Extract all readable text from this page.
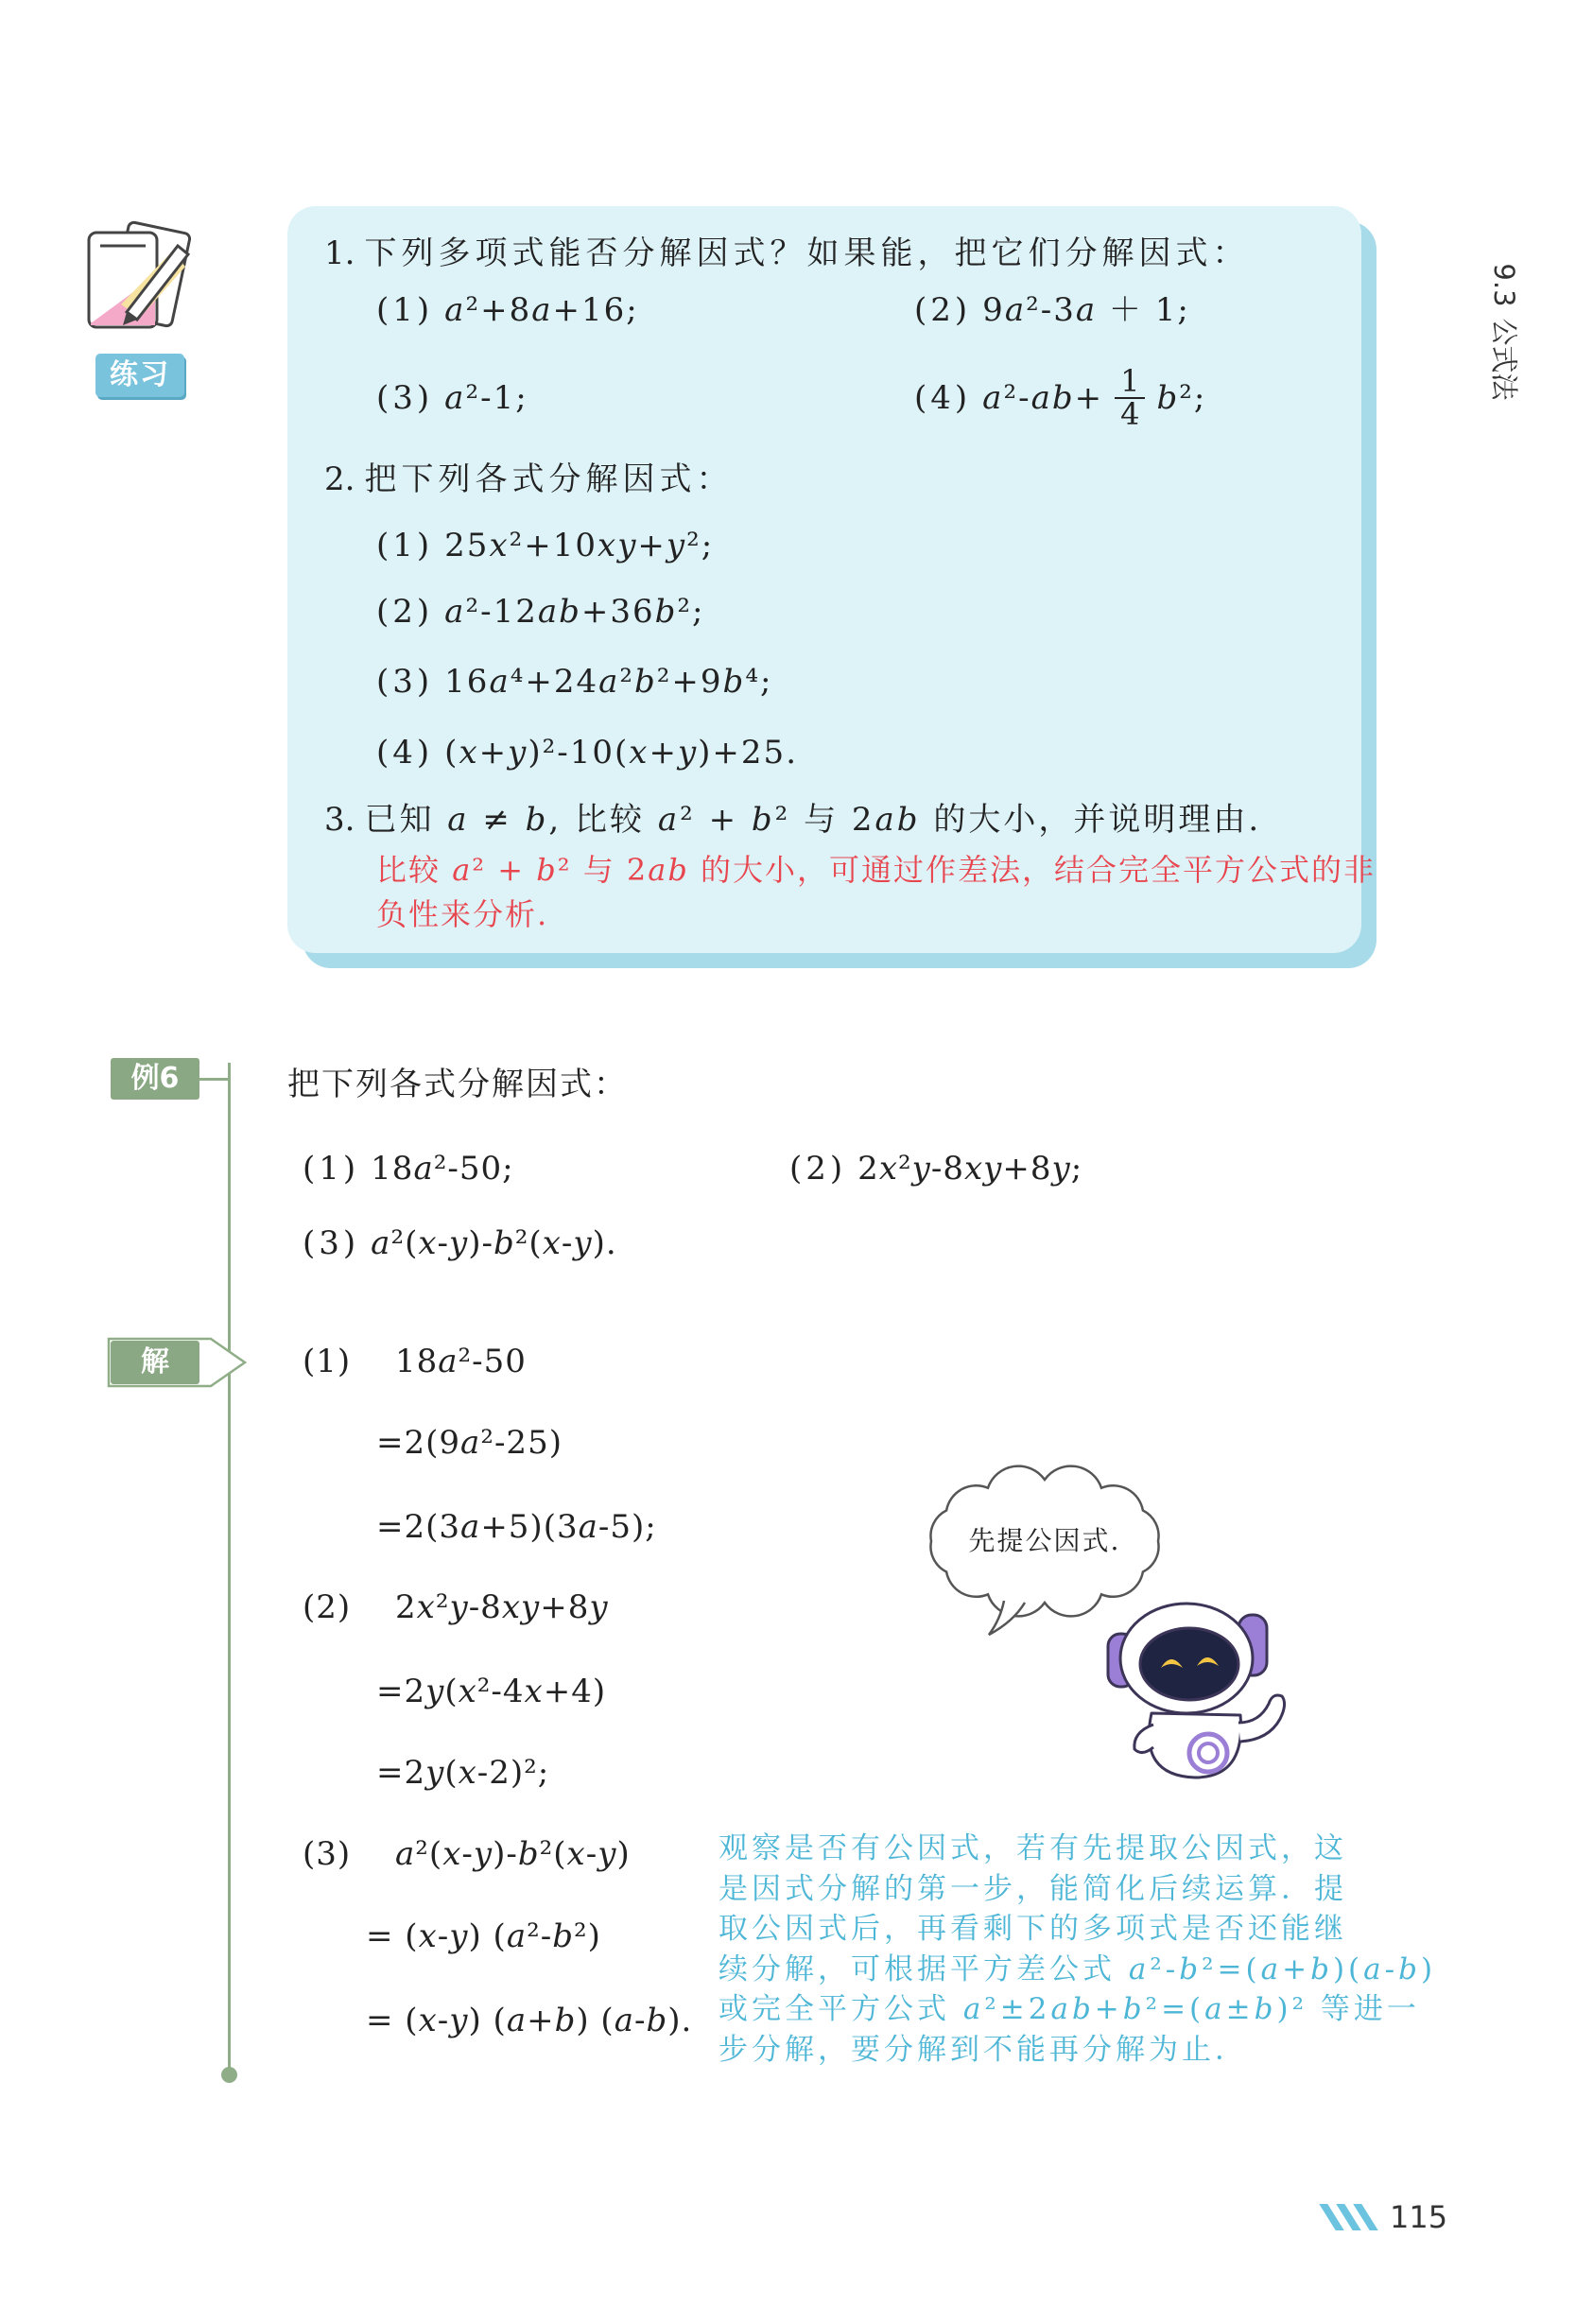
9.3公式法
练习
1. 下列多项式能否分解因式？如果能，把它们分解因式：
(1) a²+8a+16;	(2) 9a²-3a ＋ 1;
(3) a²-1;	(4) $a^2-ab+ \frac{1}{4} b^2$;
2. 把下列各式分解因式：
(1) 25x²+10xy+y²;
(2) a²-12ab+36b²;
(3) 16a⁴+24a²b²+9b⁴;
(4) (x+y)²-10(x+y)+25.
3. 已知 a ≠ b, 比较 a² + b² 与 2ab 的大小，并说明理由.
比较 a² + b² 与 2ab 的大小，可通过作差法，结合完全平方公式的非
负性来分析.
例6	把下列各式分解因式：
(1) 18a²-50;	(2) 2x²y-8xy+8y;
(3) a²(x-y)-b²(x-y).
解	(1) 18a²-50
=2(9a²-25)
=2(3a+5)(3a-5);
(2) 2x²y-8xy+8y
=2y(x²-4x+4)
=2y(x-2)²;
(3) a²(x-y)-b²(x-y)
= (x-y) (a²-b²)
= (x-y) (a+b) (a-b).
观察是否有公因式，若有先提取公因式，这
是因式分解的第一步，能简化后续运算．提
取公因式后，再看剩下的多项式是否还能继
续分解，可根据平方差公式 a²-b²=(a+b)(a-b)
或完全平方公式 a²±2ab+b²=(a±b)² 等进一
步分解，要分解到不能再分解为止．
先提公因式.
115
